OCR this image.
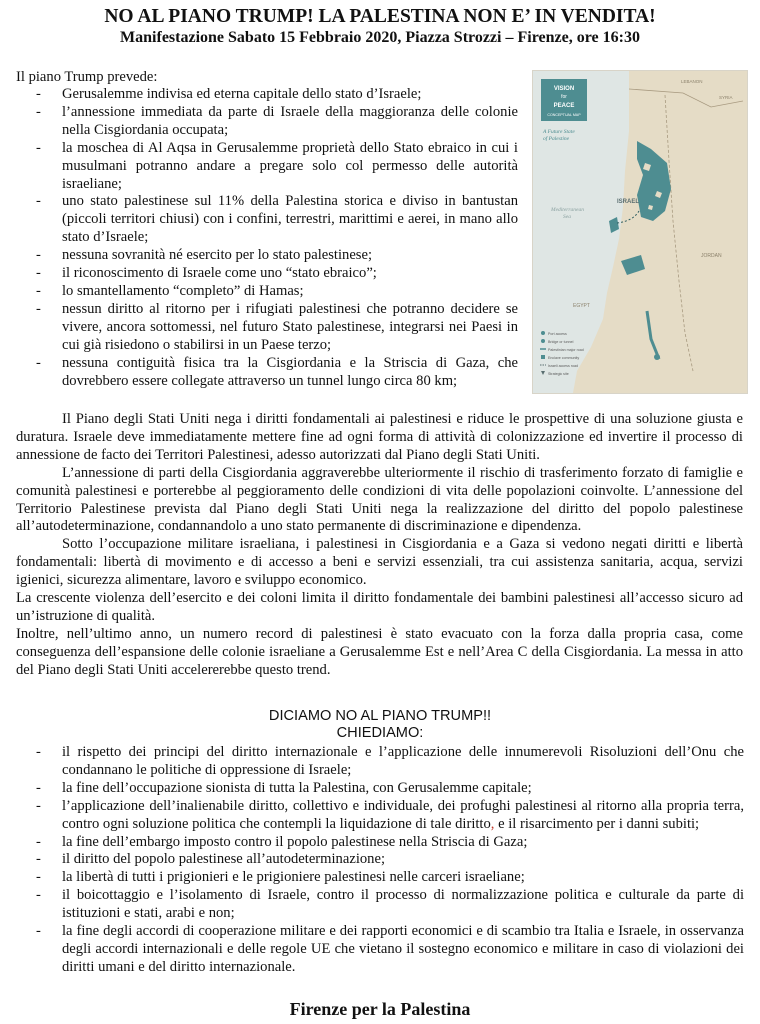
NO AL PIANO TRUMP! LA PALESTINA NON E’ IN VENDITA!
Manifestazione Sabato 15 Febbraio 2020, Piazza Strozzi – Firenze, ore 16:30
Il piano Trump prevede:
- Gerusalemme indivisa ed eterna capitale dello stato d’Israele;
- l’annessione immediata da parte di Israele della maggioranza delle colonie nella Cisgiordania occupata;
- la moschea di Al Aqsa in Gerusalemme proprietà dello Stato ebraico in cui i musulmani potranno andare a pregare solo col permesso delle autorità israeliane;
- uno stato palestinese sul 11% della Palestina storica e diviso in bantustan (piccoli territori chiusi) con i confini, terrestri, marittimi e aerei, in mano allo stato d’Israele;
- nessuna sovranità né esercito per lo stato palestinese;
- il riconoscimento di Israele come uno “stato ebraico”;
- lo smantellamento “completo” di Hamas;
- nessun diritto al ritorno per i rifugiati palestinesi che potranno decidere se vivere, ancora sottomessi, nel futuro Stato palestinese, integrarsi nei Paesi in cui già risiedono o stabilirsi in un Paese terzo;
- nessuna contiguità fisica tra la Cisgiordania e la Striscia di Gaza, che dovrebbero essere collegate attraverso un tunnel lungo circa 80 km;
VISION
for
PEACE
CONCEPTUAL MAP
A Future State
of Palestine
Mediterranean
Sea
LEBANON
SYRIA
ISRAEL
EGYPT
JORDAN
Port access
Bridge or tunnel
Palestinian major road
Enclave community
Israeli access road
Strategic site

Il Piano degli Stati Uniti nega i diritti fondamentali ai palestinesi e riduce le prospettive di una soluzione giusta e duratura. Israele deve immediatamente mettere fine ad ogni forma di attività di colonizzazione ed invertire il processo di annessione de facto dei Territori Palestinesi, adesso autorizzati dal Piano degli Stati Uniti.

L’annessione di parti della Cisgiordania aggraverebbe ulteriormente il rischio di trasferimento forzato di famiglie e comunità palestinesi e porterebbe al peggioramento delle condizioni di vita delle popolazioni coinvolte. L’annessione del Territorio Palestinese prevista dal Piano degli Stati Uniti nega la realizzazione del diritto del popolo palestinese all’autodeterminazione, condannandolo a uno stato permanente di discriminazione e dipendenza.

Sotto l’occupazione militare israeliana, i palestinesi in Cisgiordania e a Gaza si vedono negati diritti e libertà fondamentali: libertà di movimento e di accesso a beni e servizi essenziali, tra cui assistenza sanitaria, acqua, servizi igienici, sicurezza alimentare, lavoro e sviluppo economico.

La crescente violenza dell’esercito e dei coloni limita il diritto fondamentale dei bambini palestinesi all’accesso sicuro ad un’istruzione di qualità.

Inoltre, nell’ultimo anno, un numero record di palestinesi è stato evacuato con la forza dalla propria casa, come conseguenza dell’espansione delle colonie israeliane a Gerusalemme Est e nell’Area C della Cisgiordania. La messa in atto del Piano degli Stati Uniti accelererebbe questo trend.

DICIAMO NO AL PIANO TRUMP!!
CHIEDIAMO:
- il rispetto dei principi del diritto internazionale e l’applicazione delle innumerevoli Risoluzioni dell’Onu che condannano le politiche di oppressione di Israele;
- la fine dell’occupazione sionista di tutta la Palestina, con Gerusalemme capitale;
- l’applicazione dell’inalienabile diritto, collettivo e individuale, dei profughi palestinesi al ritorno alla propria terra, contro ogni soluzione politica che contempli la liquidazione di tale diritto, e il risarcimento per i danni subiti;
- la fine dell’embargo imposto contro il popolo palestinese nella Striscia di Gaza;
- il diritto del popolo palestinese all’autodeterminazione;
- la libertà di tutti i prigionieri e le prigioniere palestinesi nelle carceri israeliane;
- il boicottaggio e l’isolamento di Israele, contro il processo di normalizzazione politica e culturale da parte di istituzioni e stati, arabi e non;
- la fine degli accordi di cooperazione militare e dei rapporti economici e di scambio tra Italia e Israele, in osservanza degli accordi internazionali e delle regole UE che vietano il sostegno economico e militare in caso di violazioni dei diritti umani e del diritto internazionale.
Firenze per la Palestina
